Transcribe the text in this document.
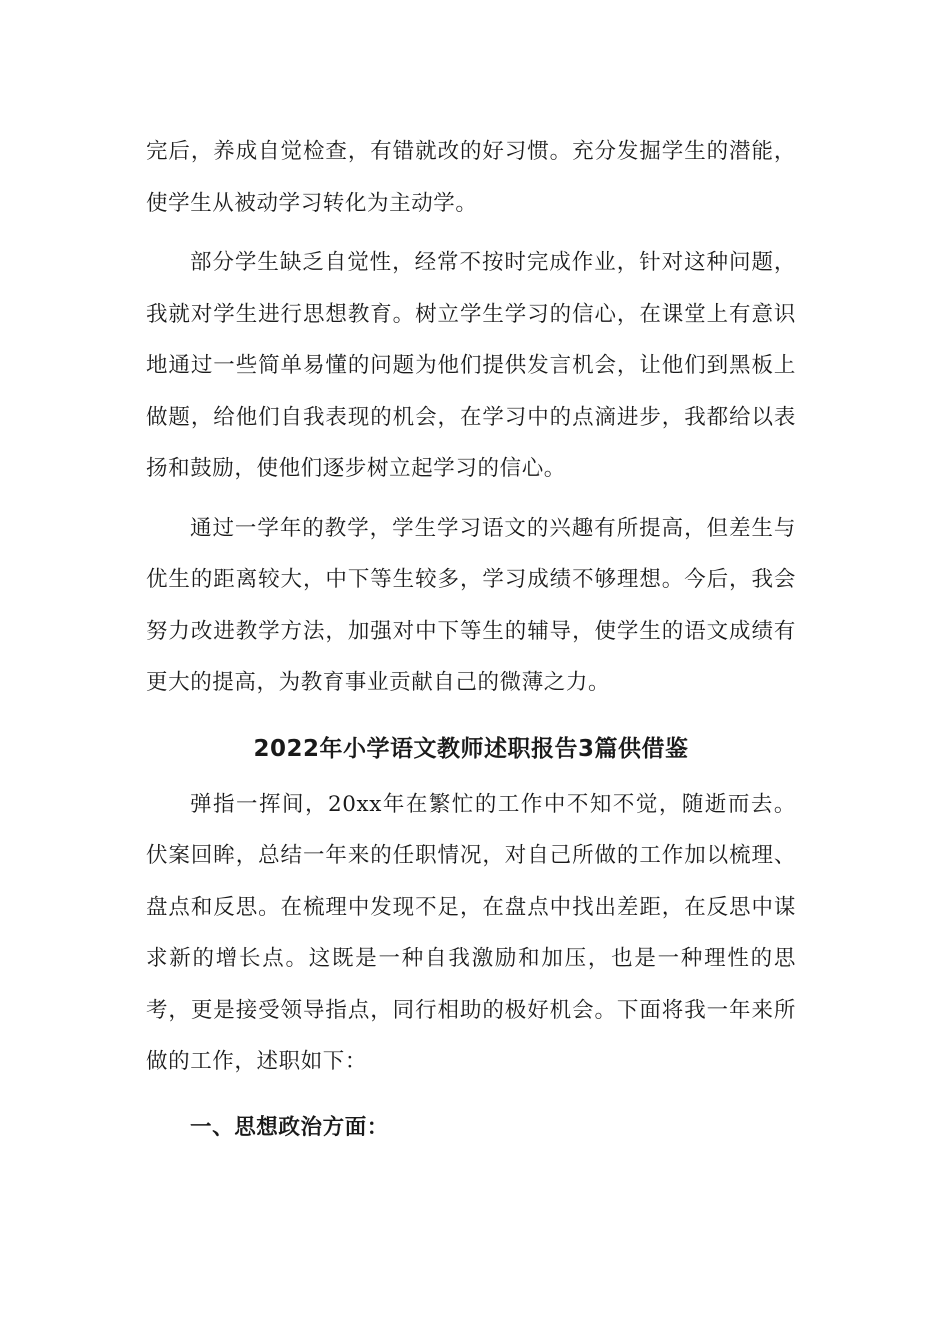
完后，养成自觉检查，有错就改的好习惯。充分发掘学生的潜能，使学生从被动学习转化为主动学。

部分学生缺乏自觉性，经常不按时完成作业，针对这种问题，我就对学生进行思想教育。树立学生学习的信心，在课堂上有意识地通过一些简单易懂的问题为他们提供发言机会，让他们到黑板上做题，给他们自我表现的机会，在学习中的点滴进步，我都给以表扬和鼓励，使他们逐步树立起学习的信心。

通过一学年的教学，学生学习语文的兴趣有所提高，但差生与优生的距离较大，中下等生较多，学习成绩不够理想。今后，我会努力改进教学方法，加强对中下等生的辅导，使学生的语文成绩有更大的提高，为教育事业贡献自己的微薄之力。

2022年小学语文教师述职报告3篇供借鉴

弹指一挥间，20xx年在繁忙的工作中不知不觉，随逝而去。伏案回眸，总结一年来的任职情况，对自己所做的工作加以梳理、盘点和反思。在梳理中发现不足，在盘点中找出差距，在反思中谋求新的增长点。这既是一种自我激励和加压，也是一种理性的思考，更是接受领导指点，同行相助的极好机会。下面将我一年来所做的工作，述职如下：

一、思想政治方面：
